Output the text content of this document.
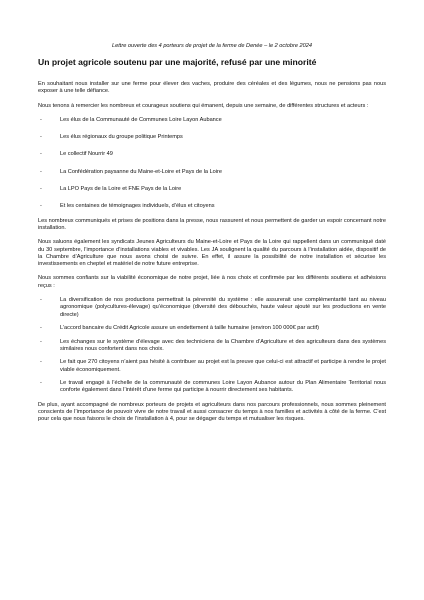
Lettre ouverte des 4 porteurs de projet de la ferme de Denée – le 2 octobre 2024
Un projet agricole soutenu par une majorité, refusé par une minorité

En souhaitant nous installer sur une ferme pour élever des vaches, produire des céréales et des légumes, nous ne pensions pas nous exposer à une telle défiance.

Nous tenons à remercier les nombreux et courageux soutiens qui émanent, depuis une semaine, de différentes structures et acteurs :

-	Les élus de la Communauté de Communes Loire Layon Aubance
-	Les élus régionaux du groupe politique Printemps
-	Le collectif Nourrir 49
-	La Confédération paysanne du Maine-et-Loire et Pays de la Loire
-	La LPO Pays de la Loire et FNE Pays de la Loire
-	Et les centaines de témoignages individuels, d’élus et citoyens

Les nombreux communiqués et prises de positions dans la presse, nous rassurent et nous permettent de garder un espoir concernant notre installation.

Nous saluons également les syndicats Jeunes Agriculteurs du Maine-et-Loire et Pays de la Loire qui rappellent dans un communiqué daté du 30 septembre, l’importance d’installations viables et vivables. Les JA soulignent la qualité du parcours à l’installation aidée, dispositif de la Chambre d’Agriculture que nous avons choisi de suivre. En effet, il assure la possibilité de notre installation et sécurise les investissements en cheptel et matériel de notre future entreprise.

Nous sommes confiants sur la viabilité économique de notre projet, liée à nos choix et confirmée par les différents soutiens et adhésions reçus :

-	La diversification de nos productions permettrait la pérennité du système : elle assurerait une complémentarité tant au niveau agronomique (polycultures-élevage) qu’économique (diversité des débouchés, haute valeur ajouté sur les productions en vente directe)
-	L’accord bancaire du Crédit Agricole assure un endettement à taille humaine (environ 100 000€ par actif)
-	Les échanges sur le système d’élevage avec des techniciens de la Chambre d’Agriculture et des agriculteurs dans des systèmes similaires nous confortent dans nos choix.
-	Le fait que 270 citoyens n’aient pas hésité à contribuer au projet est la preuve que celui-ci est attractif et participe à rendre le projet viable économiquement.
-	Le travail engagé à l’échelle de la communauté de communes Loire Layon Aubance autour du Plan Alimentaire Territorial nous conforte également dans l’intérêt d’une ferme qui participe à nourrir directement ses habitants.

De plus, ayant accompagné de nombreux porteurs de projets et agriculteurs dans nos parcours professionnels, nous sommes pleinement conscients de l’importance de pouvoir vivre de notre travail et aussi consacrer du temps à nos familles et activités à côté de la ferme. C’est pour cela que nous faisons le choix de l’installation à 4, pour se dégager du temps et mutualiser les risques.
